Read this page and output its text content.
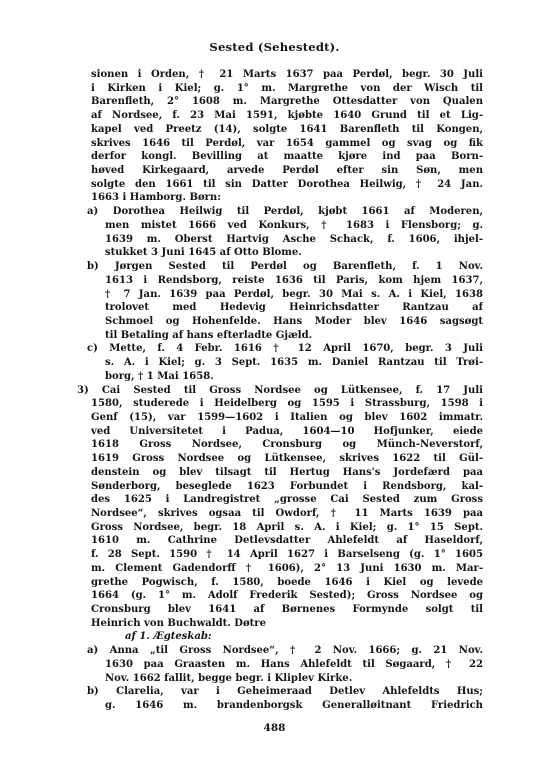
Sested (Sehestedt).
sionen i Orden, † 21 Marts 1637 paa Perdøl, begr. 30 Juli
i Kirken i Kiel; g. 1° m. Margrethe von der Wisch til
Barenfleth, 2° 1608 m. Margrethe Ottesdatter von Qualen
af Nordsee, f. 23 Mai 1591, kjøbte 1640 Grund til et Lig-
kapel ved Preetz (14), solgte 1641 Barenfleth til Kongen,
skrives 1646 til Perdøl, var 1654 gammel og svag og fik
derfor kongl. Bevilling at maatte kjøre ind paa Born-
høved Kirkegaard, arvede Perdøl efter sin Søn, men
solgte den 1661 til sin Datter Dorothea Heilwig, † 24 Jan.
1663 i Hamborg. Børn:
a) Dorothea Heilwig til Perdøl, kjøbt 1661 af Moderen,
men mistet 1666 ved Konkurs, † 1683 i Flensborg; g.
1639 m. Oberst Hartvig Asche Schack, f. 1606, ihjel-
stukket 3 Juni 1645 af Otto Blome.
b) Jørgen Sested til Perdøl og Barenfleth, f. 1 Nov.
1613 i Rendsborg, reiste 1636 til Paris, kom hjem 1637,
† 7 Jan. 1639 paa Perdøl, begr. 30 Mai s. A. i Kiel, 1638
trolovet med Hedevig Heinrichsdatter Rantzau af
Schmoel og Hohenfelde. Hans Moder blev 1646 sagsøgt
til Betaling af hans efterladte Gjæld.
c) Mette, f. 4 Febr. 1616 † 12 April 1670, begr. 3 Juli
s. A. i Kiel; g. 3 Sept. 1635 m. Daniel Rantzau til Trøi-
borg, † 1 Mai 1658.
3) Cai Sested til Gross Nordsee og Lütkensee, f. 17 Juli
1580, studerede i Heidelberg og 1595 i Strassburg, 1598 i
Genf (15), var 1599—1602 i Italien og blev 1602 immatr.
ved Universitetet i Padua, 1604—10 Hofjunker, eiede
1618 Gross Nordsee, Cronsburg og Münch-Neverstorf,
1619 Gross Nordsee og Lütkensee, skrives 1622 til Gül-
denstein og blev tilsagt til Hertug Hans's Jordefærd paa
Sønderborg, beseglede 1623 Forbundet i Rendsborg, kal-
des 1625 i Landregistret „grosse Cai Sested zum Gross
Nordsee“, skrives ogsaa til Owdorf, † 11 Marts 1639 paa
Gross Nordsee, begr. 18 April s. A. i Kiel; g. 1° 15 Sept.
1610 m. Cathrine Detlevsdatter Ahlefeldt af Haseldorf,
f. 28 Sept. 1590 † 14 April 1627 i Barselseng (g. 1° 1605
m. Clement Gadendorff † 1606), 2° 13 Juni 1630 m. Mar-
grethe Pogwisch, f. 1580, boede 1646 i Kiel og levede
1664 (g. 1° m. Adolf Frederik Sested); Gross Nordsee og
Cronsburg blev 1641 af Børnenes Formynde solgt til
Heinrich von Buchwaldt. Døtre
af 1. Ægteskab:
a) Anna „til Gross Nordsee“, † 2 Nov. 1666; g. 21 Nov.
1630 paa Graasten m. Hans Ahlefeldt til Søgaard, † 22
Nov. 1662 fallit, begge begr. i Kliplev Kirke.
b) Clarelia, var i Geheimeraad Detlev Ahlefeldts Hus;
g. 1646 m. brandenborgsk Generalløitnant Friedrich
488
